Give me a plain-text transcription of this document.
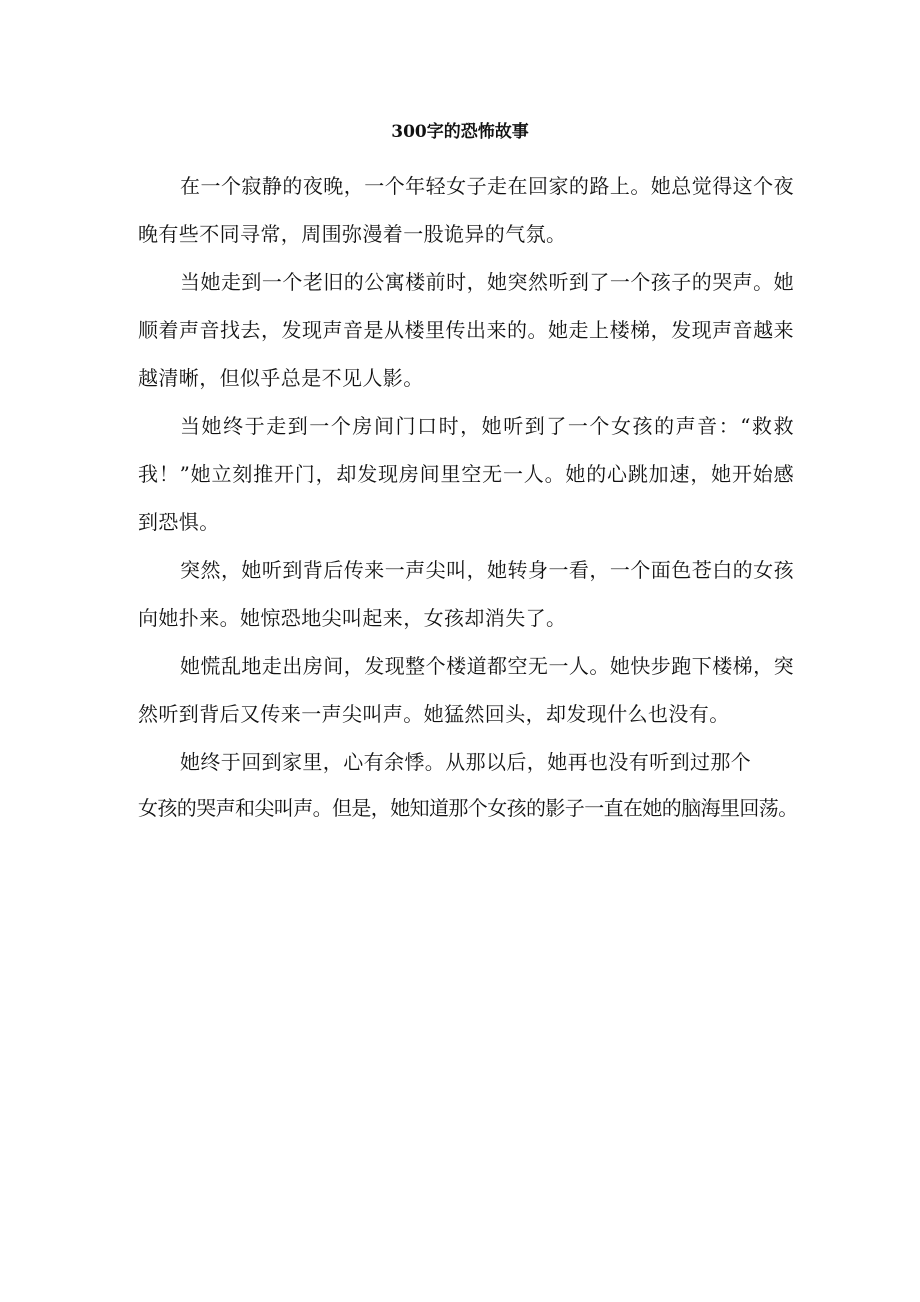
300字的恐怖故事

在一个寂静的夜晚，一个年轻女子走在回家的路上。她总觉得这个夜晚有些不同寻常，周围弥漫着一股诡异的气氛。

当她走到一个老旧的公寓楼前时，她突然听到了一个孩子的哭声。她顺着声音找去，发现声音是从楼里传出来的。她走上楼梯，发现声音越来越清晰，但似乎总是不见人影。

当她终于走到一个房间门口时，她听到了一个女孩的声音：“救救我！”她立刻推开门，却发现房间里空无一人。她的心跳加速，她开始感到恐惧。

突然，她听到背后传来一声尖叫，她转身一看，一个面色苍白的女孩向她扑来。她惊恐地尖叫起来，女孩却消失了。

她慌乱地走出房间，发现整个楼道都空无一人。她快步跑下楼梯，突然听到背后又传来一声尖叫声。她猛然回头，却发现什么也没有。

她终于回到家里，心有余悸。从那以后，她再也没有听到过那个
女孩的哭声和尖叫声。但是，她知道那个女孩的影子一直在她的脑海里回荡。
